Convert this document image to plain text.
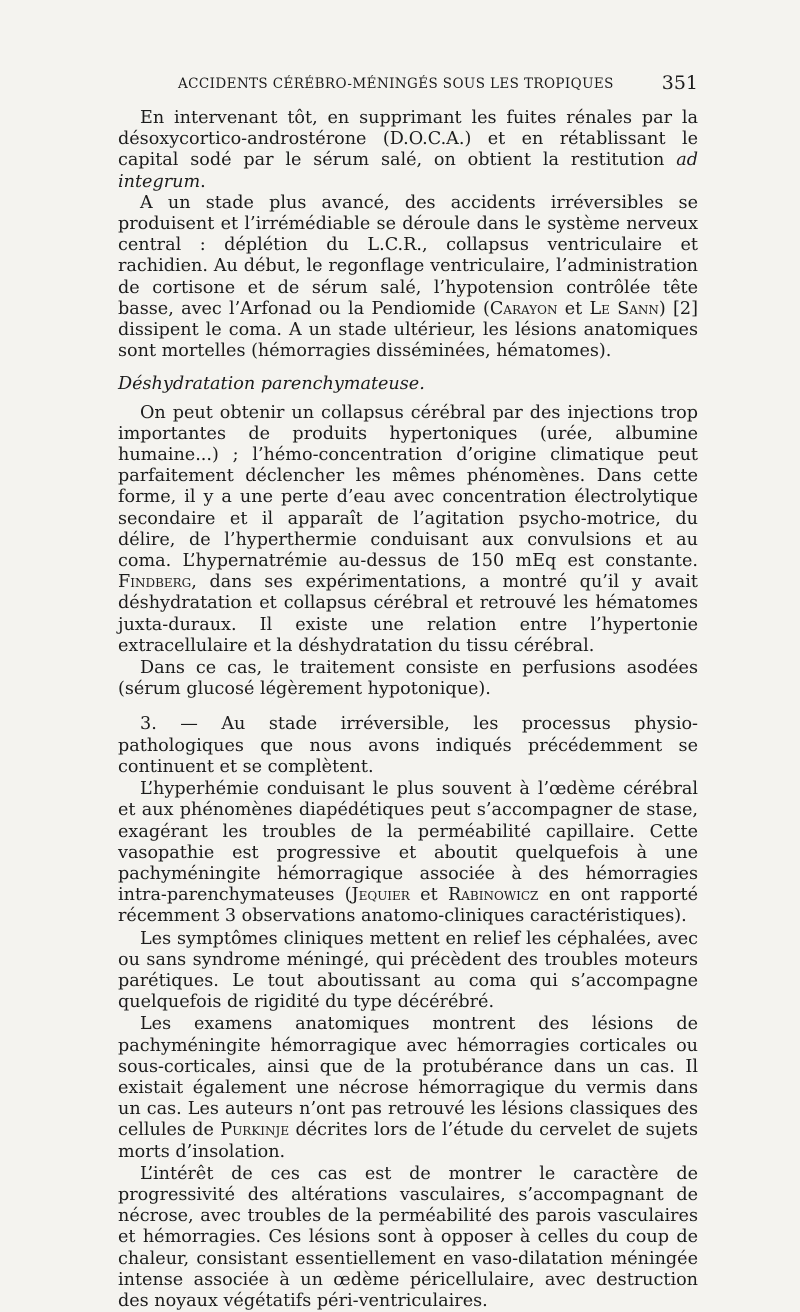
ACCIDENTS CÉRÉBRO-MÉNINGÉS SOUS LES TROPIQUES	351

En intervenant tôt, en supprimant les fuites rénales par la désoxycortico-androstérone (D.O.C.A.) et en rétablissant le capital sodé par le sérum salé, on obtient la restitution ad integrum.

A un stade plus avancé, des accidents irréversibles se produisent et l’irrémédiable se déroule dans le système nerveux central : déplétion du L.C.R., collapsus ventriculaire et rachidien. Au début, le regonflage ventriculaire, l’administration de cortisone et de sérum salé, l’hypotension contrôlée tête basse, avec l’Arfonad ou la Pendiomide (Carayon et Le Sann) [2] dissipent le coma. A un stade ultérieur, les lésions anatomiques sont mortelles (hémorragies disséminées, hématomes).

Déshydratation parenchymateuse.

On peut obtenir un collapsus cérébral par des injections trop importantes de produits hypertoniques (urée, albumine humaine...) ; l’hémo-concentration d’origine climatique peut parfaitement déclencher les mêmes phénomènes. Dans cette forme, il y a une perte d’eau avec concentration électrolytique secondaire et il apparaît de l’agitation psycho-motrice, du délire, de l’hyperthermie conduisant aux convulsions et au coma. L’hypernatrémie au-dessus de 150 mEq est constante. Findberg, dans ses expérimentations, a montré qu’il y avait déshydratation et collapsus cérébral et retrouvé les hématomes juxta-duraux. Il existe une relation entre l’hypertonie extracellulaire et la déshydratation du tissu cérébral.

Dans ce cas, le traitement consiste en perfusions asodées (sérum glucosé légèrement hypotonique).

3. — Au stade irréversible, les processus physio-pathologiques que nous avons indiqués précédemment se continuent et se complètent.

L’hyperhémie conduisant le plus souvent à l’œdème cérébral et aux phénomènes diapédétiques peut s’accompagner de stase, exagérant les troubles de la perméabilité capillaire. Cette vasopathie est progressive et aboutit quelquefois à une pachyméningite hémorragique associée à des hémorragies intra-parenchymateuses (Jequier et Rabinowicz en ont rapporté récemment 3 observations anatomo-cliniques caractéristiques).

Les symptômes cliniques mettent en relief les céphalées, avec ou sans syndrome méningé, qui précèdent des troubles moteurs parétiques. Le tout aboutissant au coma qui s’accompagne quelquefois de rigidité du type décérébré.

Les examens anatomiques montrent des lésions de pachyméningite hémorragique avec hémorragies corticales ou sous-corticales, ainsi que de la protubérance dans un cas. Il existait également une nécrose hémorragique du vermis dans un cas. Les auteurs n’ont pas retrouvé les lésions classiques des cellules de Purkinje décrites lors de l’étude du cervelet de sujets morts d’insolation.

L’intérêt de ces cas est de montrer le caractère de progressivité des altérations vasculaires, s’accompagnant de nécrose, avec troubles de la perméabilité des parois vasculaires et hémorragies. Ces lésions sont à opposer à celles du coup de chaleur, consistant essentiellement en vaso-dilatation méningée intense associée à un œdème péricellulaire, avec destruction des noyaux végétatifs péri-ventriculaires.
